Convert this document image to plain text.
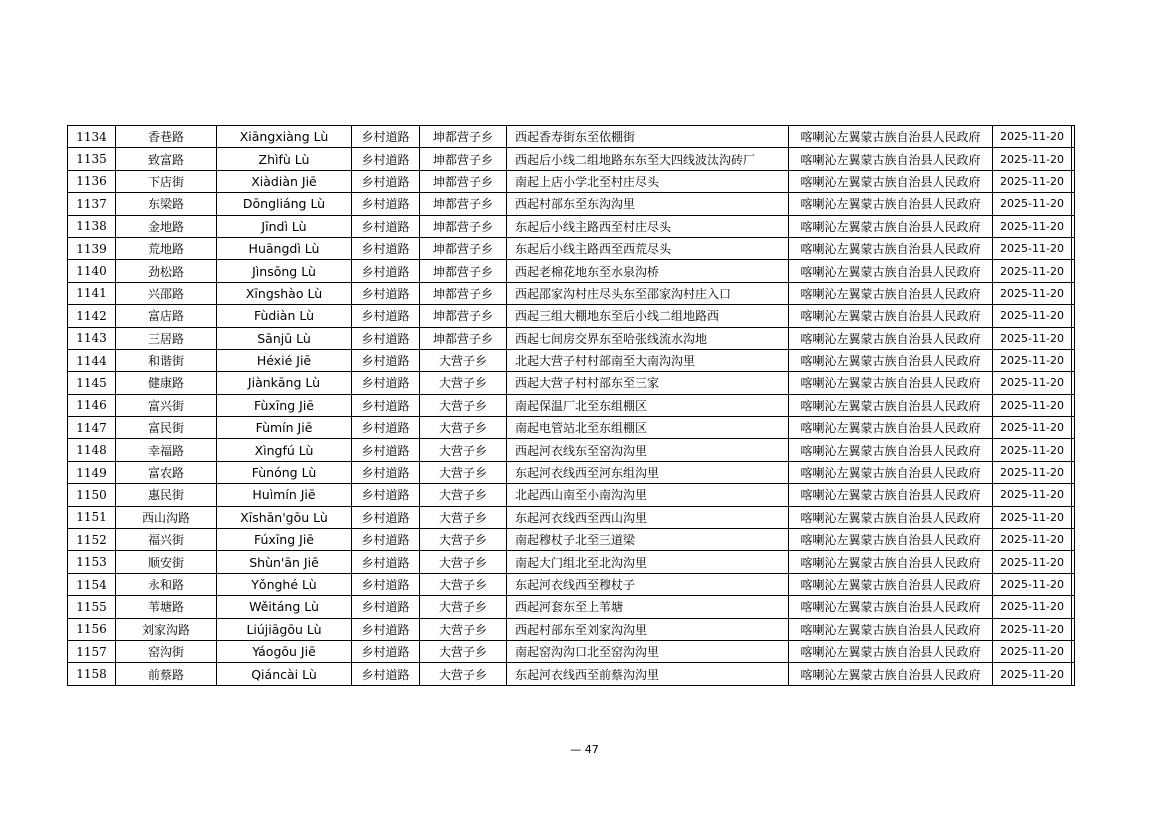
1134	香巷路	Xiāngxiàng Lù	乡村道路	坤都营子乡	西起香寿街东至依棚街	喀喇沁左翼蒙古族自治县人民政府	2025-11-20	
1135	致富路	Zhìfù Lù	乡村道路	坤都营子乡	西起后小线二组地路东东至大四线波汰沟砖厂	喀喇沁左翼蒙古族自治县人民政府	2025-11-20	
1136	下店街	Xiàdiàn Jiē	乡村道路	坤都营子乡	南起上店小学北至村庄尽头	喀喇沁左翼蒙古族自治县人民政府	2025-11-20	
1137	东梁路	Dōngliáng Lù	乡村道路	坤都营子乡	西起村部东至东沟沟里	喀喇沁左翼蒙古族自治县人民政府	2025-11-20	
1138	金地路	Jīndì Lù	乡村道路	坤都营子乡	东起后小线主路西至村庄尽头	喀喇沁左翼蒙古族自治县人民政府	2025-11-20	
1139	荒地路	Huāngdì Lù	乡村道路	坤都营子乡	东起后小线主路西至西荒尽头	喀喇沁左翼蒙古族自治县人民政府	2025-11-20	
1140	劲松路	Jìnsōng Lù	乡村道路	坤都营子乡	西起老棉花地东至水泉沟桥	喀喇沁左翼蒙古族自治县人民政府	2025-11-20	
1141	兴邵路	Xīngshào Lù	乡村道路	坤都营子乡	西起邵家沟村庄尽头东至邵家沟村庄入口	喀喇沁左翼蒙古族自治县人民政府	2025-11-20	
1142	富店路	Fùdiàn Lù	乡村道路	坤都营子乡	西起三组大棚地东至后小线二组地路西	喀喇沁左翼蒙古族自治县人民政府	2025-11-20	
1143	三居路	Sānjū Lù	乡村道路	坤都营子乡	西起七间房交界东至哈张线流水沟地	喀喇沁左翼蒙古族自治县人民政府	2025-11-20	
1144	和谐街	Héxié Jiē	乡村道路	大营子乡	北起大营子村村部南至大南沟沟里	喀喇沁左翼蒙古族自治县人民政府	2025-11-20	
1145	健康路	Jiànkāng Lù	乡村道路	大营子乡	西起大营子村村部东至三家	喀喇沁左翼蒙古族自治县人民政府	2025-11-20	
1146	富兴街	Fùxīng Jiē	乡村道路	大营子乡	南起保温厂北至东组棚区	喀喇沁左翼蒙古族自治县人民政府	2025-11-20	
1147	富民街	Fùmín Jiē	乡村道路	大营子乡	南起电管站北至东组棚区	喀喇沁左翼蒙古族自治县人民政府	2025-11-20	
1148	幸福路	Xìngfú Lù	乡村道路	大营子乡	西起河衣线东至窑沟沟里	喀喇沁左翼蒙古族自治县人民政府	2025-11-20	
1149	富农路	Fùnóng Lù	乡村道路	大营子乡	东起河衣线西至河东组沟里	喀喇沁左翼蒙古族自治县人民政府	2025-11-20	
1150	惠民街	Huìmín Jiē	乡村道路	大营子乡	北起西山南至小南沟沟里	喀喇沁左翼蒙古族自治县人民政府	2025-11-20	
1151	西山沟路	Xīshān'gōu Lù	乡村道路	大营子乡	东起河衣线西至西山沟里	喀喇沁左翼蒙古族自治县人民政府	2025-11-20	
1152	福兴街	Fúxīng Jiē	乡村道路	大营子乡	南起穆杖子北至三道梁	喀喇沁左翼蒙古族自治县人民政府	2025-11-20	
1153	顺安街	Shùn'ān Jiē	乡村道路	大营子乡	南起大门组北至北沟沟里	喀喇沁左翼蒙古族自治县人民政府	2025-11-20	
1154	永和路	Yǒnghé Lù	乡村道路	大营子乡	东起河衣线西至穆杖子	喀喇沁左翼蒙古族自治县人民政府	2025-11-20	
1155	苇塘路	Wěitáng Lù	乡村道路	大营子乡	西起河套东至上苇塘	喀喇沁左翼蒙古族自治县人民政府	2025-11-20	
1156	刘家沟路	Liújiāgōu Lù	乡村道路	大营子乡	西起村部东至刘家沟沟里	喀喇沁左翼蒙古族自治县人民政府	2025-11-20	
1157	窑沟街	Yáogōu Jiē	乡村道路	大营子乡	南起窑沟沟口北至窑沟沟里	喀喇沁左翼蒙古族自治县人民政府	2025-11-20	
1158	前蔡路	Qiáncài Lù	乡村道路	大营子乡	东起河衣线西至前蔡沟沟里	喀喇沁左翼蒙古族自治县人民政府	2025-11-20	
— 47
